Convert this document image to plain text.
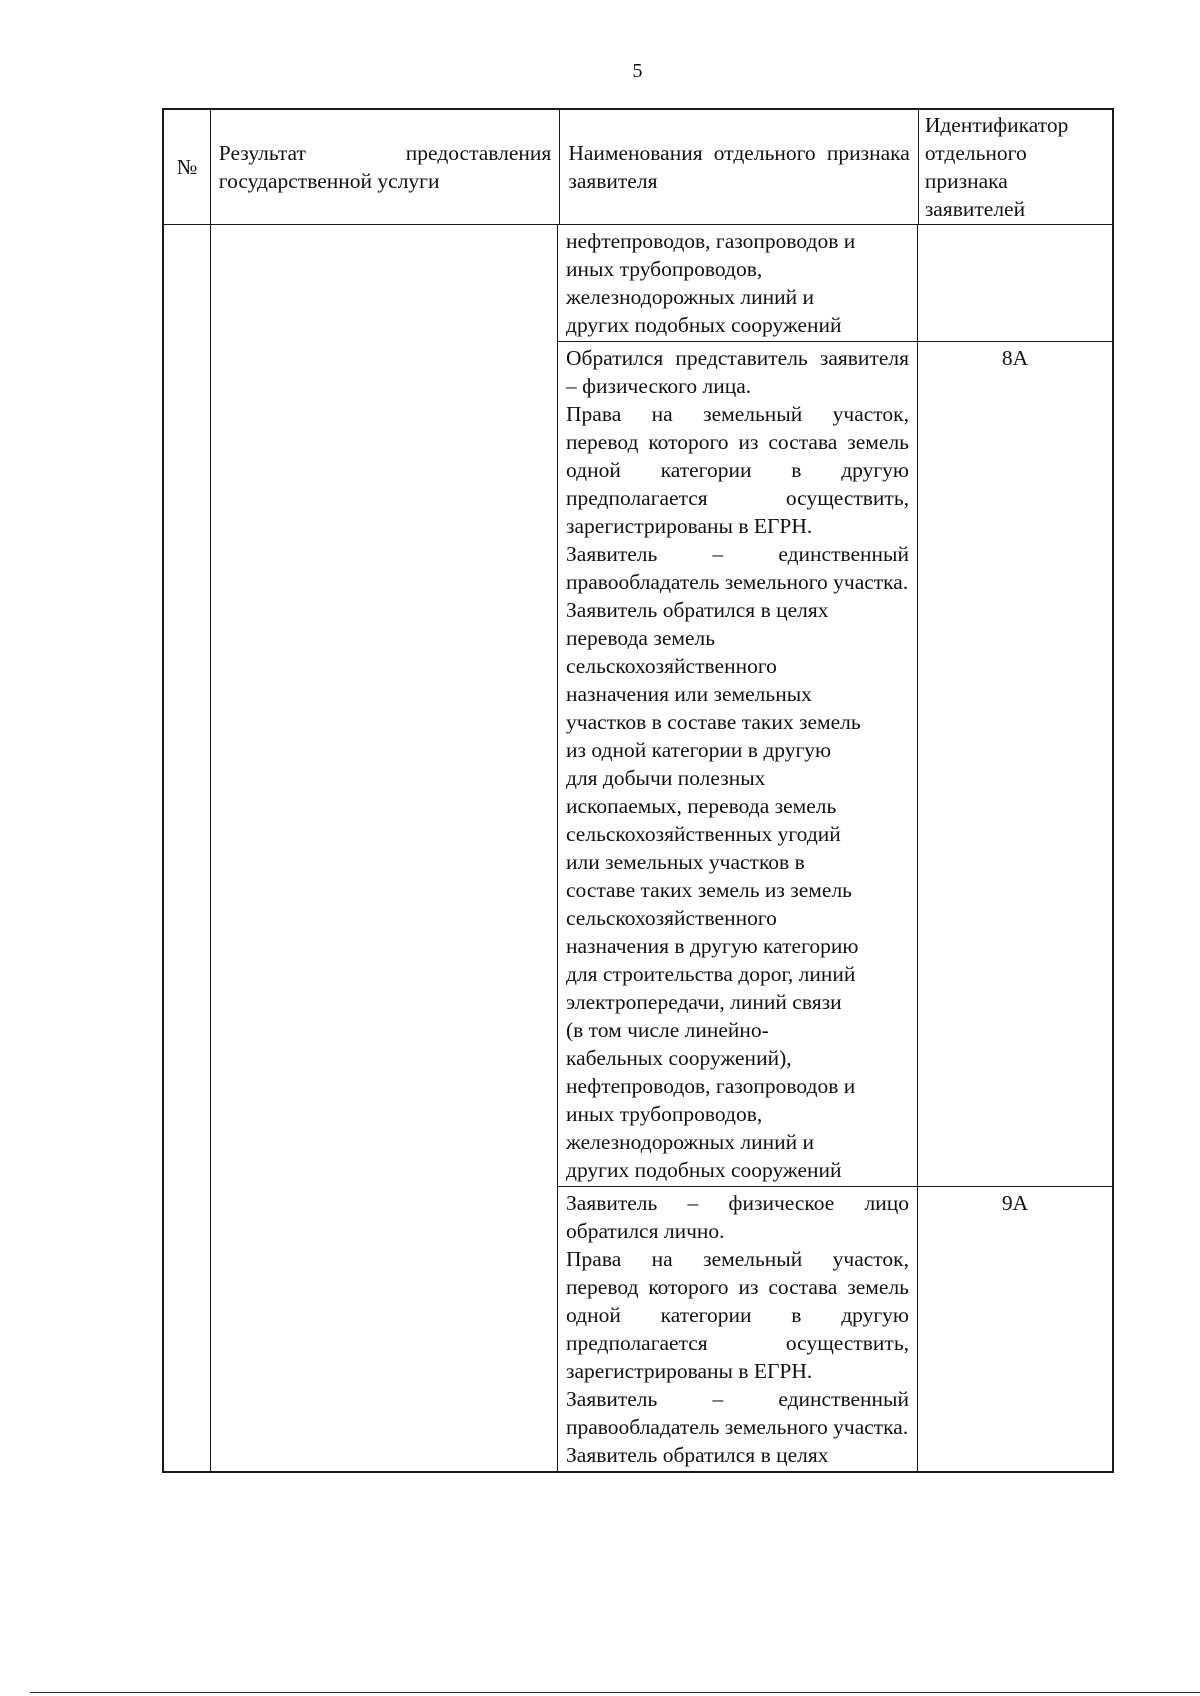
5
№

Результат предоставления государственной услуги

Наименования отдельного признака заявителя

Идентификатор отдельного признака заявителей

нефтепроводов, газопроводов и

иных трубопроводов,

железнодорожных линий и

других подобных сооружений

Обратился представитель заявителя – физического лица.

Права на земельный участок, перевод которого из состава земель одной категории в другую предполагается осуществить, зарегистрированы в ЕГРН.

Заявитель – единственный правообладатель земельного участка.

Заявитель обратился в целях

перевода земель

сельскохозяйственного

назначения или земельных

участков в составе таких земель

из одной категории в другую

для добычи полезных

ископаемых, перевода земель

сельскохозяйственных угодий

или земельных участков в

составе таких земель из земель

сельскохозяйственного

назначения в другую категорию

для строительства дорог, линий

электропередачи, линий связи

(в том числе линейно-

кабельных сооружений),

нефтепроводов, газопроводов и

иных трубопроводов,

железнодорожных линий и

других подобных сооружений

8А

Заявитель – физическое лицо обратился лично.

Права на земельный участок, перевод которого из состава земель одной категории в другую предполагается осуществить, зарегистрированы в ЕГРН.

Заявитель – единственный правообладатель земельного участка.

Заявитель обратился в целях

9А
